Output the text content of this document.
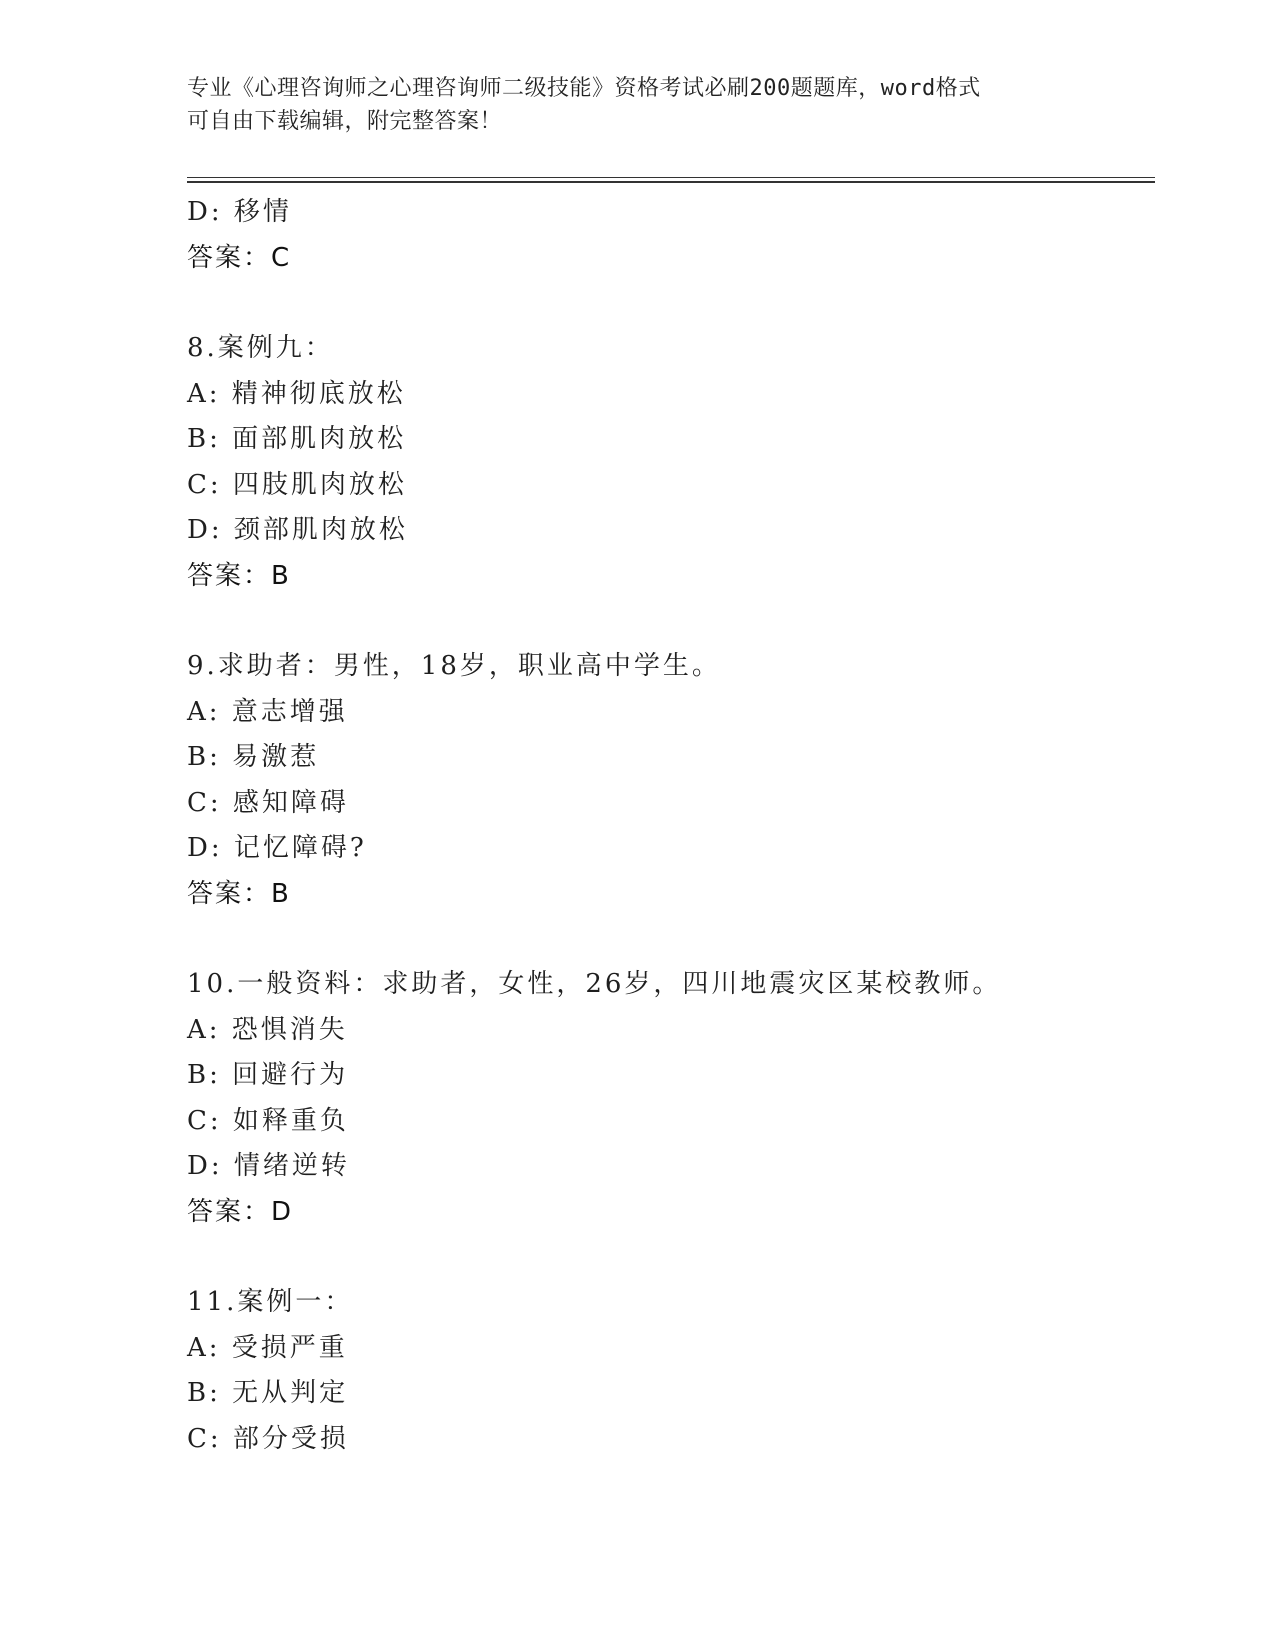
专业《心理咨询师之心理咨询师二级技能》资格考试必刷200题题库，word格式
可自由下载编辑，附完整答案！
D: 移情
答案：C
8.案例九：
A: 精神彻底放松
B: 面部肌肉放松
C: 四肢肌肉放松
D: 颈部肌肉放松
答案：B
9.求助者：男性，18岁，职业高中学生。
A: 意志增强
B: 易激惹
C: 感知障碍
D: 记忆障碍?
答案：B
10.一般资料：求助者，女性，26岁，四川地震灾区某校教师。
A: 恐惧消失
B: 回避行为
C: 如释重负
D: 情绪逆转
答案：D
11.案例一：
A: 受损严重
B: 无从判定
C: 部分受损
